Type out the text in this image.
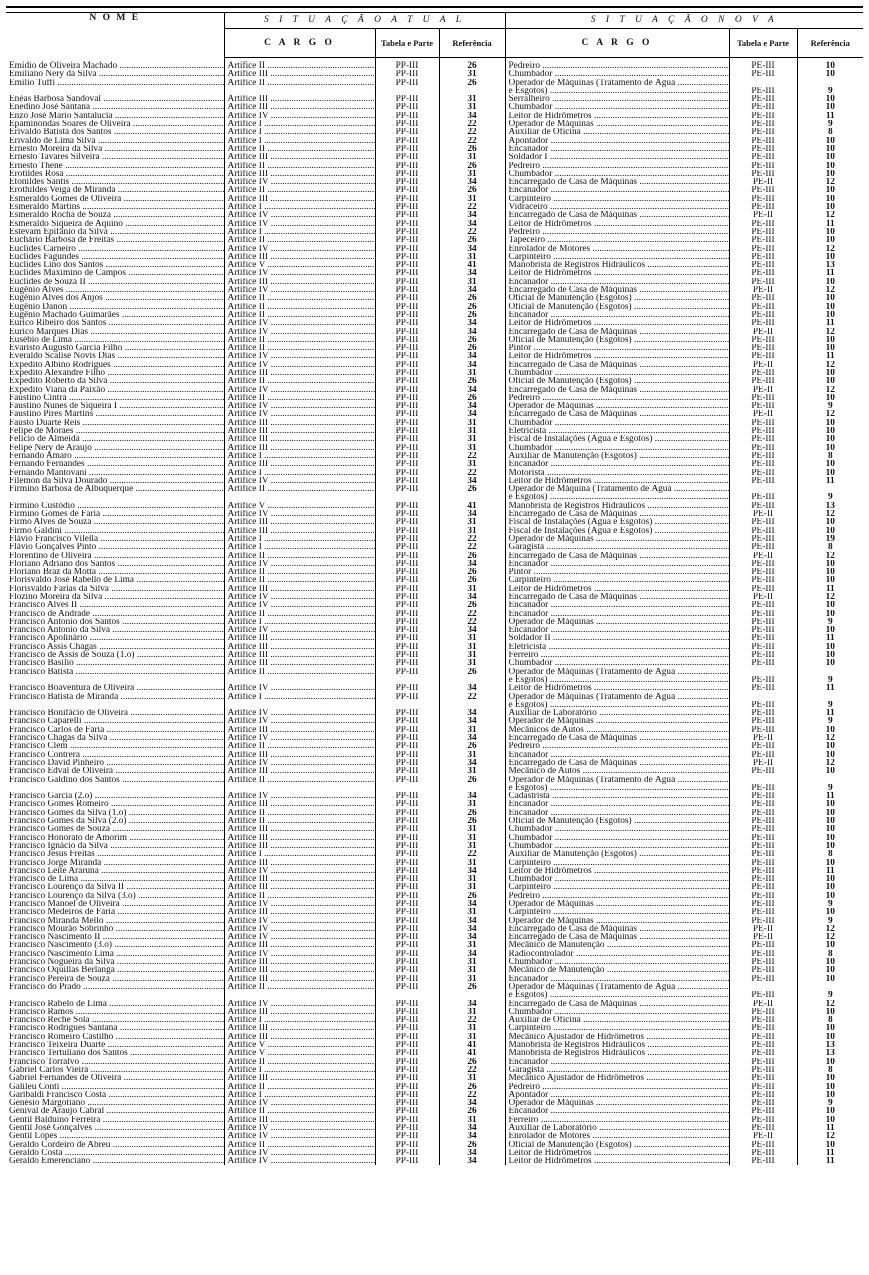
N O M E	S I T U A Ç Ã O A T U A L			S I T U A Ç Ã O N O V A		
	C A R G O	Tabela e Parte	Referência	C A R G O	Tabela e Parte	Referência
Emídio de Oliveira Machado .....	Artífice II .....	PP-III	26	Pedreiro .....	PE-III	10
Emiliano Nery da Silva .....	Artífice III .....	PP-III	31	Chumbador .....	PE-III	10
Emílio Tuffi .....	Artífice II .....	PP-III	26	Operador de Máquinas (Tratamento de Água .....		
				e Esgotos) .....	PE-III	9
Enéas Barbosa Sandoval .....	Artífice III .....	PP-III	31	Serralheiro .....	PE-III	10
Enedino José Santana .....	Artífice III .....	PP-III	31	Chumbador .....	PE-III	10
Enzo José Mario Santalucia .....	Artífice IV .....	PP-III	34	Leitor de Hidrômetros .....	PE-III	11
Epaminondas Soares de Oliveira .....	Artífice I .....	PP-III	22	Operador de Máquinas .....	PE-III	9
Erivaldo Batista dos Santos .....	Artífice I .....	PP-III	22	Auxiliar de Oficina .....	PE-III	8
Erivaldo de Lima Silva .....	Artífice I .....	PP-III	22	Apontador .....	PE-III	10
Ernesto Moreira da Silva .....	Artífice II .....	PP-III	26	Encanador .....	PE-III	10
Ernesto Tavares Silveira .....	Artífice III .....	PP-III	31	Soldador I .....	PE-III	10
Ernesto Thene .....	Artífice II .....	PP-III	26	Pedreiro .....	PE-III	10
Erotildes Rosa .....	Artífice III .....	PP-III	31	Chumbador .....	PE-III	10
Etonildes Santis .....	Artífice IV .....	PP-III	34	Encarregado de Casa de Máquinas .....	PE-II	12
Erothildes Veiga de Miranda .....	Artífice II .....	PP-III	26	Encanador .....	PE-III	10
Esmeraldo Gomes de Oliveira .....	Artífice III .....	PP-III	31	Carpinteiro .....	PE-III	10
Esmeraldo Martins .....	Artífice I .....	PP-III	22	Vidraceiro .....	PE-III	10
Esmeraldo Rocha de Souza .....	Artífice IV .....	PP-III	34	Encarregado de Casa de Máquinas .....	PE-II	12
Esmeraldo Siqueira de Aquino .....	Artífice IV .....	PP-III	34	Leitor de Hidrômetros .....	PE-III	11
Estevam Epifânio da Silva .....	Artífice I .....	PP-III	22	Pedreiro .....	PE-III	10
Euchário Barbosa de Freitas .....	Artífice II .....	PP-III	26	Tapeceiro .....	PE-III	10
Euclides Carneiro .....	Artífice IV .....	PP-III	34	Enrolador de Motores .....	PE-III	12
Euclides Fagundes .....	Artífice III .....	PP-III	31	Carpinteiro .....	PE-III	10
Euclides Lino dos Santos .....	Artífice V .....	PP-III	41	Manobrista de Registros Hidráulicos .....	PE-III	13
Euclides Maximino de Campos .....	Artífice IV .....	PP-III	34	Leitor de Hidrômetros .....	PE-III	11
Euclides de Souza II .....	Artífice III .....	PP-III	31	Encanador .....	PE-III	10
Eugênio Alves .....	Artífice IV .....	PP-III	34	Encarregado de Casa de Máquinas .....	PE-II	12
Eugênio Alves dos Anjos .....	Artífice II .....	PP-III	26	Oficial de Manutenção (Esgotos) .....	PE-III	10
Eugênio Danon .....	Artífice II .....	PP-III	26	Oficial de Manutenção (Esgotos) .....	PE-III	10
Eugênio Machado Guimarães .....	Artífice II .....	PP-III	26	Encanador .....	PE-III	10
Eurico Ribeiro dos Santos .....	Artífice IV .....	PP-III	34	Leitor de Hidrômetros .....	PE-III	11
Eurico Marques Dias .....	Artífice IV .....	PP-III	34	Encarregado de Casa de Máquinas .....	PE-II	12
Eusébio de Lima .....	Artífice II .....	PP-III	26	Oficial de Manutenção (Esgotos) .....	PE-III	10
Evaristo Augusto Garcia Filho .....	Artífice II .....	PP-III	26	Pintor .....	PE-III	10
Everaldo Scalise Novis Dias .....	Artífice IV .....	PP-III	34	Leitor de Hidrômetros .....	PE-III	11
Expedito Albino Rodrigues .....	Artífice IV .....	PP-III	34	Encarregado de Casa de Máquinas .....	PE-II	12
Expedito Alexandre Filho .....	Artífice III .....	PP-III	31	Chumbador .....	PE-III	10
Expedito Roberto da Silva .....	Artífice II .....	PP-III	26	Oficial de Manutenção (Esgotos) .....	PE-III	10
Expedito Viana da Paixão .....	Artífice IV .....	PP-III	34	Encarregado de Casa de Máquinas .....	PE-II	12
Faustino Cintra .....	Artífice II .....	PP-III	26	Pedreiro .....	PE-III	10
Faustino Nunes de Siqueira I .....	Artífice IV .....	PP-III	34	Operador de Máquinas .....	PE-III	9
Faustino Pires Martins .....	Artífice IV .....	PP-III	34	Encarregado de Casa de Máquinas .....	PE-II	12
Fausto Duarte Reis .....	Artífice III .....	PP-III	31	Chumbador .....	PE-III	10
Felipe de Moraes .....	Artífice III .....	PP-III	31	Eletricista .....	PE-III	10
Felício de Almeida .....	Artífice III .....	PP-III	31	Fiscal de Instalações (Água e Esgotos) .....	PE-III	10
Felipe Nery de Araujo .....	Artífice III .....	PP-III	31	Chumbador .....	PE-III	10
Fernando Amaro .....	Artífice I .....	PP-III	22	Auxiliar de Manutenção (Esgotos) .....	PE-III	8
Fernando Fernandes .....	Artífice III .....	PP-III	31	Encanador .....	PE-III	10
Fernando Mantovani .....	Artífice I .....	PP-III	22	Motorista .....	PE-III	10
Filemon da Silva Dourado .....	Artífice IV .....	PP-III	34	Leitor de Hidrômetros .....	PE-III	11
Firmino Barbosa de Albuquerque .....	Artífice II .....	PP-III	26	Operador de Máquina (Tratamento de Água .....		
				e Esgotos) .....	PE-III	9
Firmino Custódio .....	Artífice V .....	PP-III	41	Manobrista de Registros Hidráulicos .....	PE-III	13
Firmino Gomes de Faria .....	Artífice IV .....	PP-III	34	Encarregado de Casa de Máquinas .....	PE-II	12
Firmo Alves de Souza .....	Artífice III .....	PP-III	31	Fiscal de Instalações (Água e Esgotos) .....	PE-III	10
Firmo Galdini .....	Artífice III .....	PP-III	31	Fiscal de Instalações (Água e Esgotos) .....	PE-III	10
Flávio Francisco Vilella .....	Artífice I .....	PP-III	22	Operador de Máquinas .....	PE-III	19
Flávio Gonçalves Pinto .....	Artífice I .....	PP-III	22	Garagista .....	PE-III	8
Florentino de Oliveira .....	Artífice II .....	PP-III	26	Encarregado de Casa de Máquinas .....	PE-II	12
Floriano Adriano dos Santos .....	Artífice IV .....	PP-III	34	Encanador .....	PE-III	10
Floriano Braz da Motta .....	Artífice II .....	PP-III	26	Pintor .....	PE-III	10
Florisvaldo José Rabello de Lima .....	Artífice II .....	PP-III	26	Carpinteiro .....	PE-III	10
Florisvaldo Farias da Silva .....	Artífice III .....	PP-III	31	Leitor de Hidrômetros .....	PE-III	11
Flozino Moreira da Silva .....	Artífice IV .....	PP-III	34	Encarregado de Casa de Máquinas .....	PE-II	12
Francisco Alves II .....	Artífice IV .....	PP-III	26	Encanador .....	PE-III	10
Francisco de Andrade .....	Artífice II .....	PP-III	22	Encanador .....	PE-III	10
Francisco Antonio dos Santos .....	Artífice I .....	PP-III	22	Operador de Máquinas .....	PE-III	9
Francisco Antonio da Silva .....	Artífice IV .....	PP-III	34	Encanador .....	PE-III	10
Francisco Apolinário .....	Artífice III .....	PP-III	31	Soldador II .....	PE-III	11
Francisco Assis Chagas .....	Artífice III .....	PP-III	31	Eletricista .....	PE-III	10
Francisco de Assis de Souza (1.o) .....	Artífice III .....	PP-III	31	Ferreiro .....	PE-III	10
Francisco Basílio .....	Artífice III .....	PP-III	31	Chumbador .....	PE-III	10
Francisco Batista .....	Artífice II .....	PP-III	26	Operador de Máquinas (Tratamento de Água .....		
				e Esgotos) .....	PE-III	9
Francisco Boaventura de Oliveira .....	Artífice IV .....	PP-III	34	Leitor de Hidrômetros .....	PE-III	11
Francisco Batista de Miranda .....	Artífice I .....	PP-III	22	Operador de Máquinas (Tratamento de Água .....		
				e Esgotos) .....	PE-III	9
Francisco Bonifácio de Oliveira .....	Artífice IV .....	PP-III	34	Auxiliar de Laboratório .....	PE-III	11
Francisco Caparelli .....	Artífice IV .....	PP-III	34	Operador de Máquinas .....	PE-III	9
Francisco Carlos de Faria .....	Artífice III .....	PP-III	31	Mecânicos de Autos .....	PE-III	10
Francisco Chagas da Silva .....	Artífice IV .....	PP-III	34	Encarregado de Casa de Máquinas .....	PE-II	12
Francisco Clem .....	Artífice II .....	PP-III	26	Pedreiro .....	PE-III	10
Francisco Contrera .....	Artífice III .....	PP-III	31	Encanador .....	PE-III	10
Francisco David Pinheiro .....	Artífice IV .....	PP-III	34	Encarregado de Casa de Máquinas .....	PE-II	12
Francisco Edval de Oliveira .....	Artífice III .....	PP-III	31	Mecânico de Autos .....	PE-III	10
Francisco Galdino dos Santos .....	Artífice II .....	PP-III	26	Operador de Máquinas (Tratamento de Água .....		
				e Esgotos) .....	PE-III	9
Francisco Garcia (2.o) .....	Artífice IV .....	PP-III	34	Cadastrista .....	PE-III	11
Francisco Gomes Romeiro .....	Artífice III .....	PP-III	31	Encanador .....	PE-III	10
Francisco Gomes da Silva (1.o) .....	Artífice II .....	PP-III	26	Encanador .....	PE-III	10
Francisco Gomes da Silva (2.o) .....	Artífice II .....	PP-III	26	Oficial de Manutenção (Esgotos) .....	PE-III	10
Francisco Gomes de Souza .....	Artífice III .....	PP-III	31	Chumbador .....	PE-III	10
Francisco Honorato de Amorim .....	Artífice III .....	PP-III	31	Chumbador .....	PE-III	10
Francisco Ignácio da Silva .....	Artífice III .....	PP-III	31	Chumbador .....	PE-III	10
Francisco Jesus Freitas .....	Artífice I .....	PP-III	22	Auxiliar de Manutenção (Esgotos) .....	PE-III	8
Francisco Jorge Miranda .....	Artífice III .....	PP-III	31	Carpinteiro .....	PE-III	10
Francisco Leite Araruna .....	Artífice IV .....	PP-III	34	Leitor de Hidrômetros .....	PE-III	11
Francisco de Lima .....	Artífice III .....	PP-III	31	Chumbador .....	PE-III	10
Francisco Lourenço da Silva II .....	Artífice III .....	PP-III	31	Carpinteiro .....	PE-III	10
Francisco Lourenço da Silva (3.o) .....	Artífice II .....	PP-III	26	Pedreiro .....	PE-III	10
Francisco Manoel de Oliveira .....	Artífice IV .....	PP-III	34	Operador de Máquinas .....	PE-III	9
Francisco Medeiros de Faria .....	Artífice III .....	PP-III	31	Carpinteiro .....	PE-III	10
Francisco Miranda Mello .....	Artífice IV .....	PP-III	34	Operador de Máquinas .....	PE-III	9
Francisco Mourão Sobrinho .....	Artífice IV .....	PP-III	34	Encarregado de Casa de Máquinas .....	PE-II	12
Francisco Nascimento II .....	Artífice IV .....	PP-III	34	Encarregado de Casa de Máquinas .....	PE-II	12
Francisco Nascimento (3.o) .....	Artífice III .....	PP-III	31	Mecânico de Manutenção .....	PE-III	10
Francisco Nascimento Lima .....	Artífice IV .....	PP-III	34	Radiocontrolador .....	PE-III	8
Francisco Nogueira da Silva .....	Artífice III .....	PP-III	31	Chumbador .....	PE-III	10
Francisco Oquillas Berlanga .....	Artífice III .....	PP-III	31	Mecânico de Manutenção .....	PE-III	10
Francisco Pereira de Souza .....	Artífice III .....	PP-III	31	Encanador .....	PE-III	10
Francisco do Prado .....	Artífice II .....	PP-III	26	Operador de Máquinas (Tratamento de Água .....		
				e Esgotos) .....	PE-III	9
Francisco Rabelo de Lima .....	Artífice IV .....	PP-III	34	Encarregado de Casa de Máquinas .....	PE-II	12
Francisco Ramos .....	Artífice III .....	PP-III	31	Chumbador .....	PE-III	10
Francisco Reche Sola .....	Artífice I .....	PP-III	22	Auxiliar de Oficina .....	PE-III	8
Francisco Rodrigues Santana .....	Artífice III .....	PP-III	31	Carpinteiro .....	PE-III	10
Francisco Romeiro Castilho .....	Artífice III .....	PP-III	31	Mecânico Ajustador de Hidrômetros .....	PE-III	10
Francisco Teixeira Duarte .....	Artífice V .....	PP-III	41	Manobrista de Registros Hidráulicos .....	PE-III	13
Francisco Tertuliano dos Santos .....	Artífice V .....	PP-III	41	Manobrista de Registros Hidráulicos .....	PE-III	13
Francisco Torralvo .....	Artífice II .....	PP-III	26	Encanador .....	PE-III	10
Gabriel Carlos Vieira .....	Artífice I .....	PP-III	22	Garagista .....	PE-III	8
Gabriel Fernandes de Oliveira .....	Artífice III .....	PP-III	31	Mecânico Ajustador de Hidrômetros .....	PE-III	10
Galileu Conti .....	Artífice II .....	PP-III	26	Pedreiro .....	PE-III	10
Garibaldi Francisco Costa .....	Artífice I .....	PP-III	22	Apontador .....	PE-III	10
Genésio Margotiano .....	Artífice IV .....	PP-III	34	Operador de Máquinas .....	PE-III	9
Genival de Araujo Cabral .....	Artífice II .....	PP-III	26	Encanador .....	PE-III	10
Gentil Balduino Ferreira .....	Artífice III .....	PP-III	31	Ferreiro .....	PE-III	10
Gentil José Gonçalves .....	Artífice IV .....	PP-III	34	Auxiliar de Laboratório .....	PE-III	11
Gentil Lopes .....	Artífice IV .....	PP-III	34	Enrolador de Motores .....	PE-II	12
Geraldo Cordeiro de Abreu .....	Artífice II .....	PP-III	26	Oficial de Manutenção (Esgotos) .....	PE-III	10
Geraldo Costa .....	Artífice IV .....	PP-III	34	Leitor de Hidrômetros .....	PE-III	11
Geraldo Emerenciano .....	Artífice IV .....	PP-III	34	Leitor de Hidrômetros .....	PE-III	11
